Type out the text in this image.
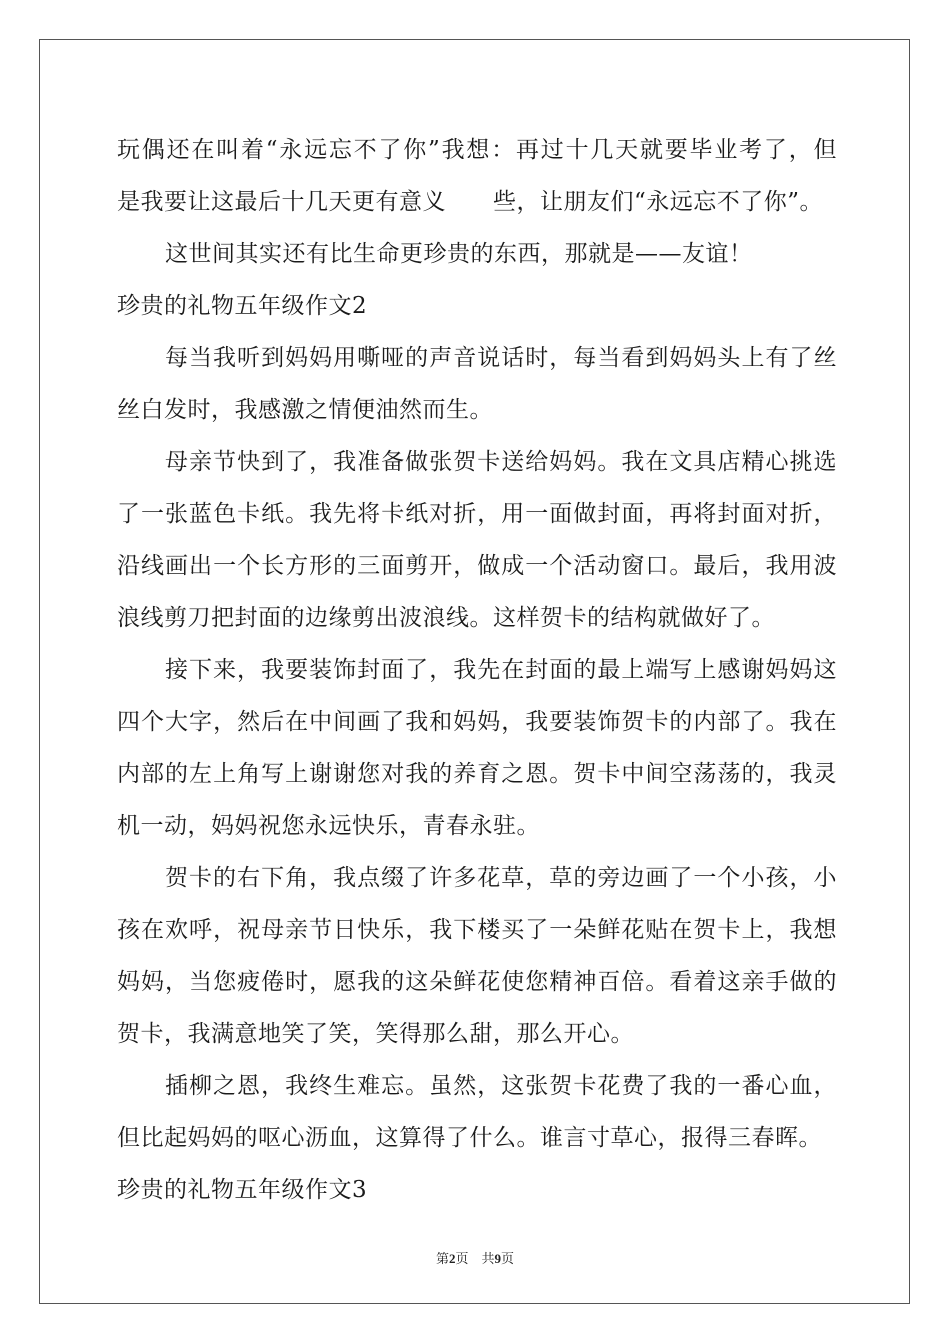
玩偶还在叫着“永远忘不了你”我想：再过十几天就要毕业考了，但
是我要让这最后十几天更有意义　　些，让朋友们“永远忘不了你”。
这世间其实还有比生命更珍贵的东西，那就是——友谊！
珍贵的礼物五年级作文2
每当我听到妈妈用嘶哑的声音说话时，每当看到妈妈头上有了丝
丝白发时，我感激之情便油然而生。
母亲节快到了，我准备做张贺卡送给妈妈。我在文具店精心挑选
了一张蓝色卡纸。我先将卡纸对折，用一面做封面，再将封面对折，
沿线画出一个长方形的三面剪开，做成一个活动窗口。最后，我用波
浪线剪刀把封面的边缘剪出波浪线。这样贺卡的结构就做好了。
接下来，我要装饰封面了，我先在封面的最上端写上感谢妈妈这
四个大字，然后在中间画了我和妈妈，我要装饰贺卡的内部了。我在
内部的左上角写上谢谢您对我的养育之恩。贺卡中间空荡荡的，我灵
机一动，妈妈祝您永远快乐，青春永驻。
贺卡的右下角，我点缀了许多花草，草的旁边画了一个小孩，小
孩在欢呼，祝母亲节日快乐，我下楼买了一朵鲜花贴在贺卡上，我想
妈妈，当您疲倦时，愿我的这朵鲜花使您精神百倍。看着这亲手做的
贺卡，我满意地笑了笑，笑得那么甜，那么开心。
插柳之恩，我终生难忘。虽然，这张贺卡花费了我的一番心血，
但比起妈妈的呕心沥血，这算得了什么。谁言寸草心，报得三春晖。
珍贵的礼物五年级作文3
第2页　共9页
